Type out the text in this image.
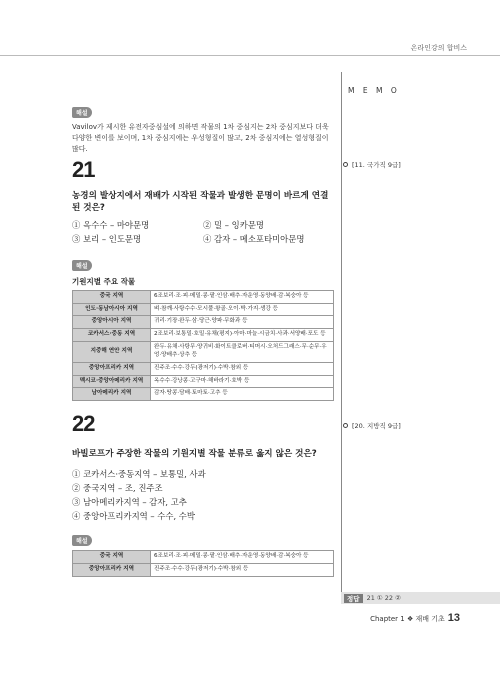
온라인강의 합비스
M E M O
해설

Vavilov가 제시한 유전자중심설에 의하면 작물의 1차 중심지는 2차 중심지보다 더욱 다양한 변이를 보이며, 1차 중심지에는 우성형질이 많고, 2차 중심지에는 열성형질이 많다.

21
농경의 발상지에서 재배가 시작된 작물과 발생한 문명이 바르게 연결된 것은?
① 옥수수 – 마야문명	② 밀 – 잉카문명
③ 보리 – 인도문명	④ 감자 – 메소포타미아문명
해설
기원지별 주요 작물
중국 지역	6조보리·조·피·메밀·콩·팥·인삼·배추·자운영·동양배·감·복숭아 등
인도·동남아시아 지역	벼·참깨·사탕수수·모시풀·왕골·오이·박·가지·생강 등
중앙아시아 지역	귀리·기장·완두·삼·당근·양파·무화과 등
코카서스·중동 지역	2조보리·보통밀·호밀·유채(평지)·아마·마늘·시금치·사과·서양배·포도 등
지중해 연안 지역	완두·유채·사탕무·양귀비·화이트클로버·티머시·오처드그래스·무·순무·우엉·양배추·상추 등
중앙아프리카 지역	진주조·수수·강두(광저기)·수박·참외 등
멕시코·중앙아메리카 지역	옥수수·강낭콩·고구마·해바라기·호박 등
남아메리카 지역	감자·땅콩·담배·토마토·고추 등
[11. 국가직 9급]
22
바빌로프가 주장한 작물의 기원지별 작물 분류로 옳지 않은 것은?
① 코카서스·중동지역 – 보통밀, 사과
② 중국지역 – 조, 진주조
③ 남아메리카지역 – 감자, 고추
④ 중앙아프리카지역 – 수수, 수박
해설
중국 지역	6조보리·조·피·메밀·콩·팥·인삼·배추·자운영·동양배·감·복숭아 등
중앙아프리카 지역	진주조·수수·강두(광저기)·수박·참외 등
[20. 지방직 9급]
정답	21 ① 22 ②
Chapter 1 ❖ 재배 기초 13
